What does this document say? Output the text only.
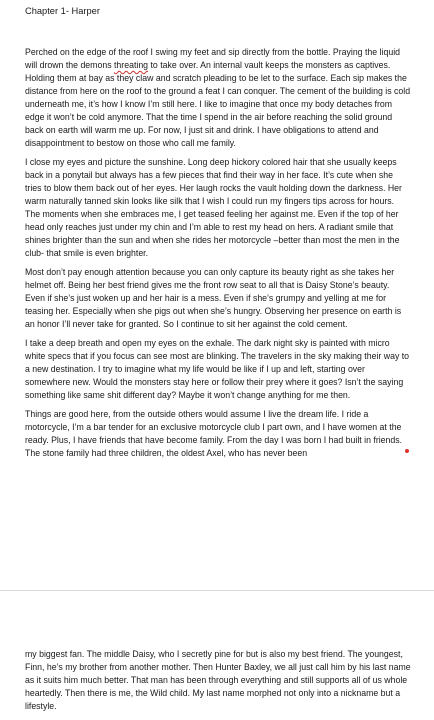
Chapter 1- Harper

Perched on the edge of the roof I swing my feet and sip directly from the bottle. Praying the liquid will drown the demons threating to take over. An internal vault keeps the monsters as captives. Holding them at bay as they claw and scratch pleading to be let to the surface. Each sip makes the distance from here on the roof to the ground a feat I can conquer. The cement of the building is cold underneath me, it’s how I know I’m still here. I like to imagine that once my body detaches from edge it won’t be cold anymore. That the time I spend in the air before reaching the solid ground back on earth will warm me up. For now, I just sit and drink. I have obligations to attend and disappointment to bestow on those who call me family.

I close my eyes and picture the sunshine. Long deep hickory colored hair that she usually keeps back in a ponytail but always has a few pieces that find their way in her face. It’s cute when she tries to blow them back out of her eyes. Her laugh rocks the vault holding down the darkness. Her warm naturally tanned skin looks like silk that I wish I could run my fingers tips across for hours. The moments when she embraces me, I get teased feeling her against me. Even if the top of her head only reaches just under my chin and I’m able to rest my head on hers. A radiant smile that shines brighter than the sun and when she rides her motorcycle –better than most the men in the club- that smile is even brighter.

Most don’t pay enough attention because you can only capture its beauty right as she takes her helmet off. Being her best friend gives me the front row seat to all that is Daisy Stone’s beauty. Even if she’s just woken up and her hair is a mess. Even if she’s grumpy and yelling at me for teasing her. Especially when she pigs out when she’s hungry. Observing her presence on earth is an honor I’ll never take for granted. So I continue to sit her against the cold cement.

I take a deep breath and open my eyes on the exhale. The dark night sky is painted with micro white specs that if you focus can see most are blinking. The travelers in the sky making their way to a new destination. I try to imagine what my life would be like if I up and left, starting over somewhere new. Would the monsters stay here or follow their prey where it goes? Isn’t the saying something like same shit different day? Maybe it won’t change anything for me then.

Things are good here, from the outside others would assume I live the dream life. I ride a motorcycle, I’m a bar tender for an exclusive motorcycle club I part own, and I have women at the ready. Plus, I have friends that have become family. From the day I was born I had built in friends. The stone family had three children, the oldest Axel, who has never been

my biggest fan. The middle Daisy, who I secretly pine for but is also my best friend. The youngest, Finn, he’s my brother from another mother. Then Hunter Baxley, we all just call him by his last name as it suits him much better. That man has been through everything and still supports all of us whole heartedly. Then there is me, the Wild child. My last name morphed not only into a nickname but a lifestyle.
